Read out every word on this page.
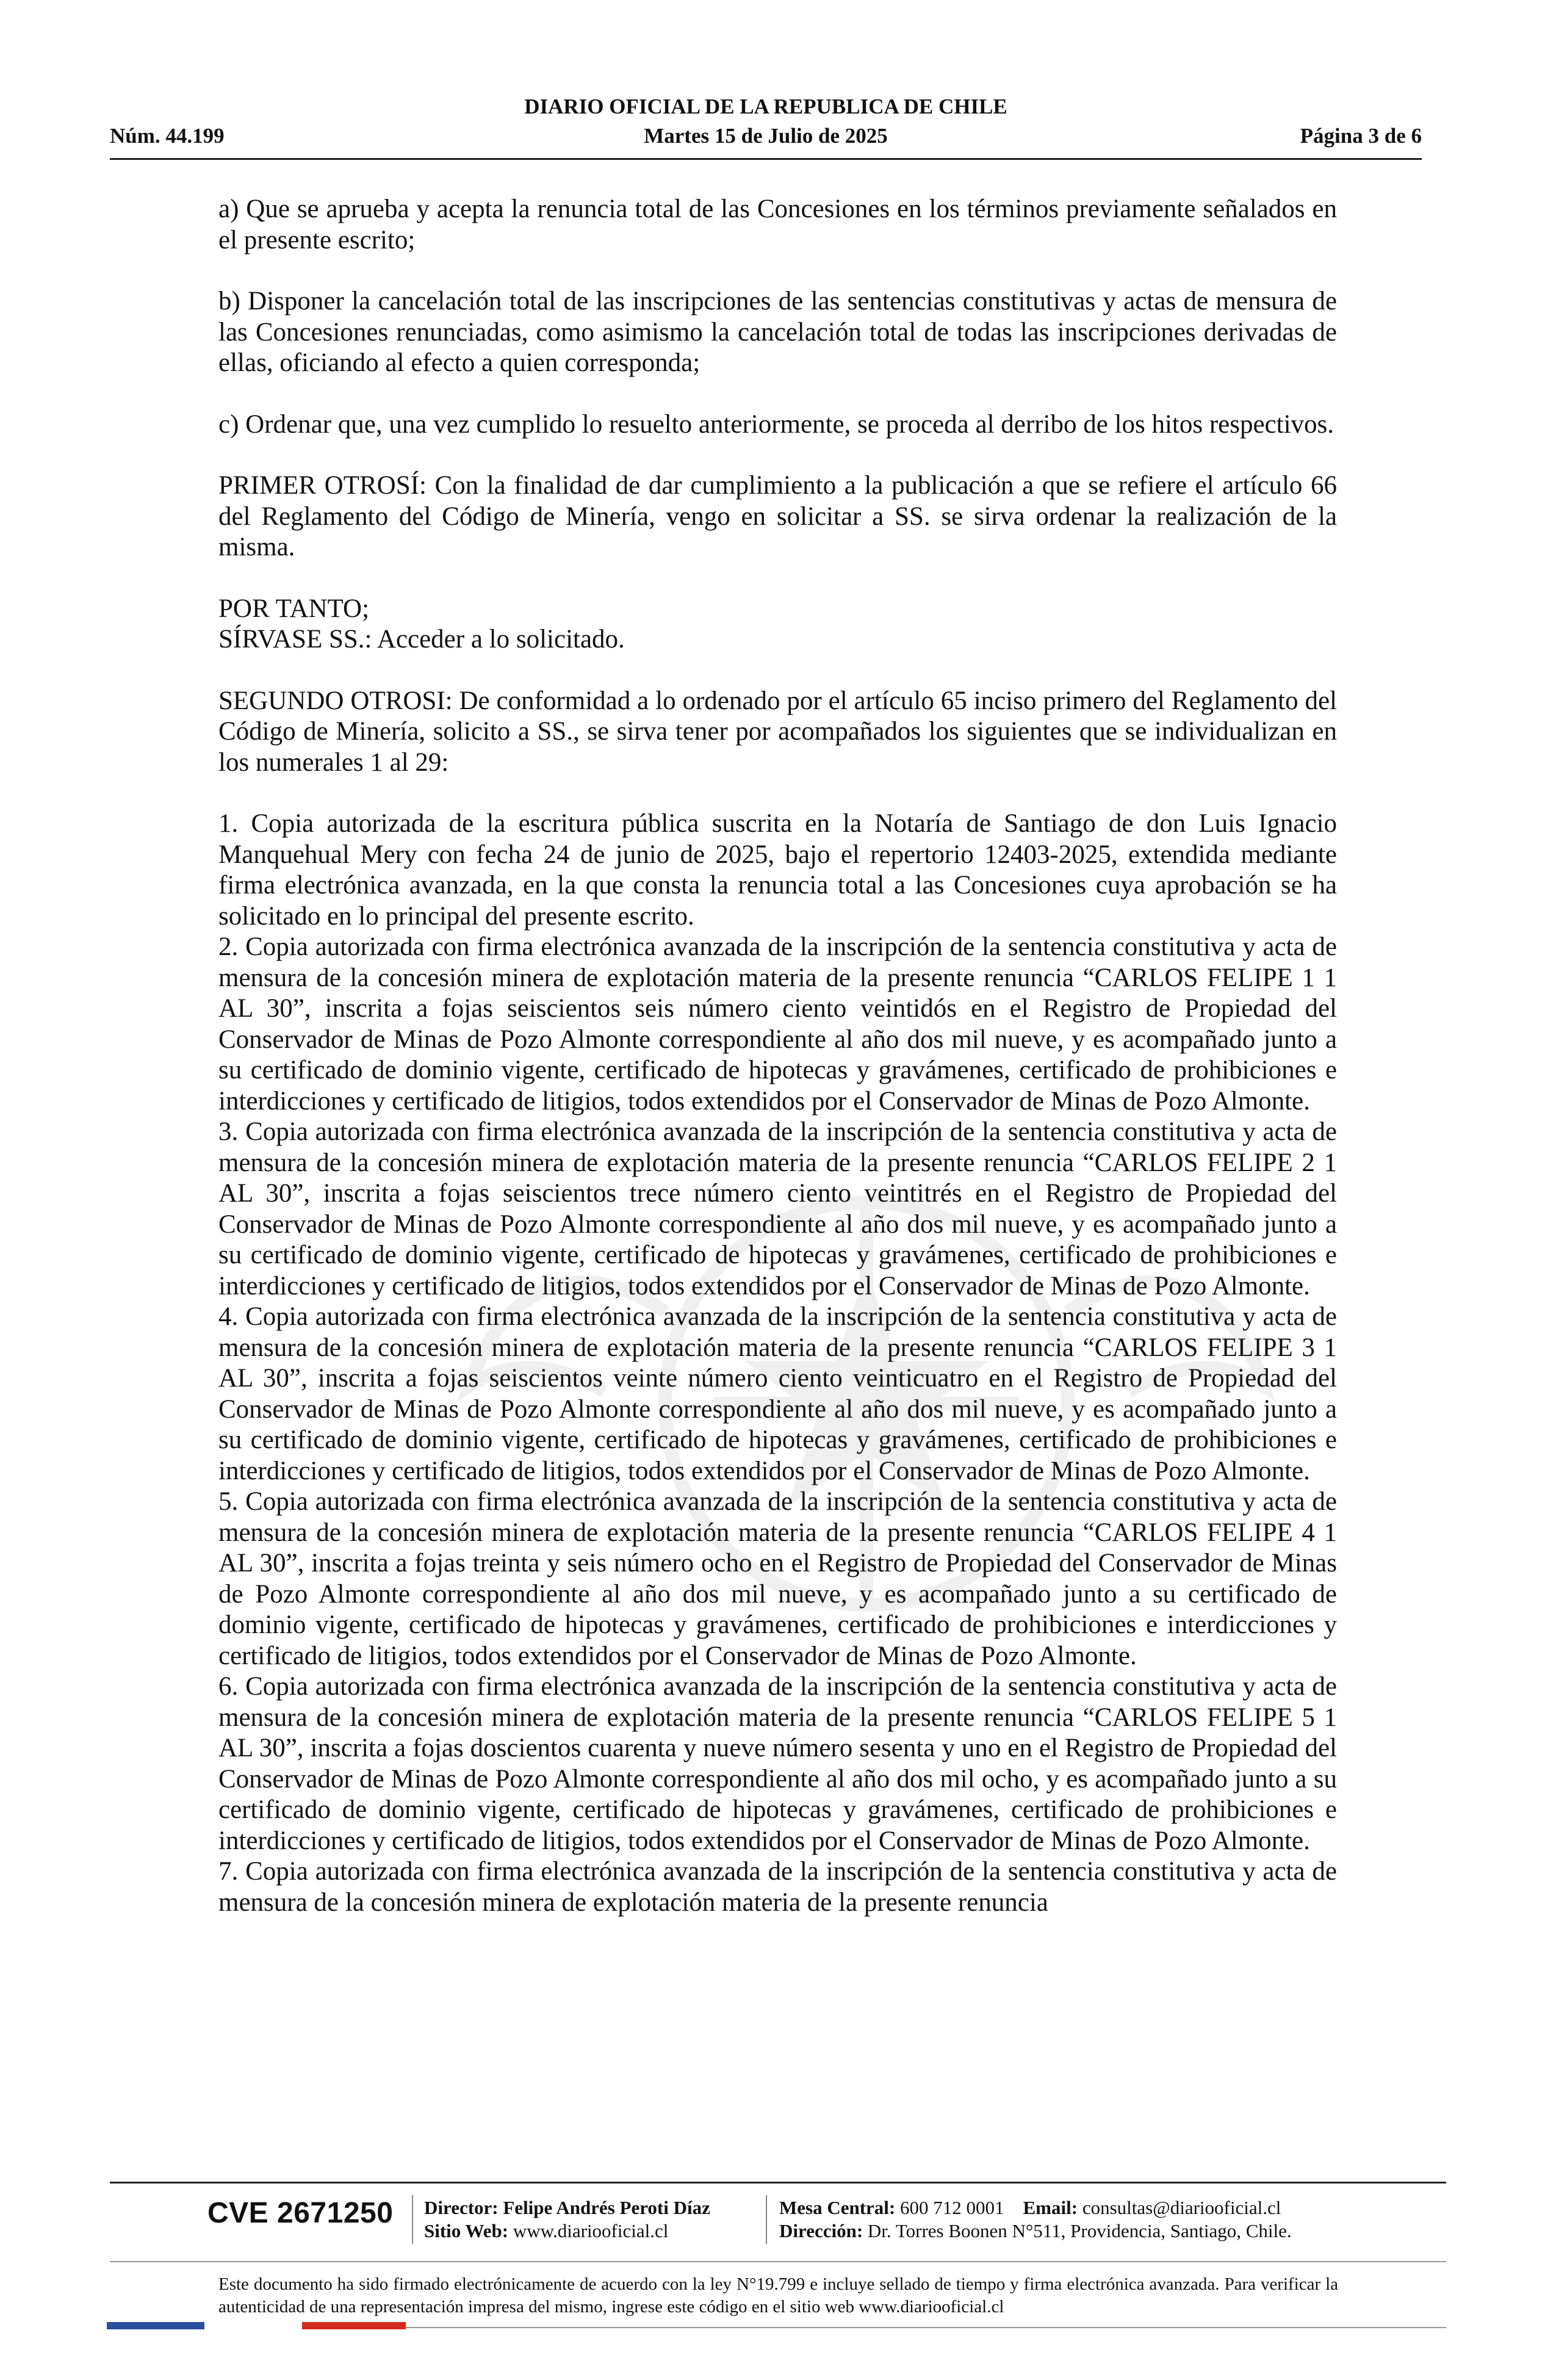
DIARIO OFICIAL DE LA REPUBLICA DE CHILE
Núm. 44.199	Martes 15 de Julio de 2025	Página 3 de 6

a) Que se aprueba y acepta la renuncia total de las Concesiones en los términos previamente señalados en el presente escrito;

b) Disponer la cancelación total de las inscripciones de las sentencias constitutivas y actas de mensura de las Concesiones renunciadas, como asimismo la cancelación total de todas las inscripciones derivadas de ellas, oficiando al efecto a quien corresponda;

c) Ordenar que, una vez cumplido lo resuelto anteriormente, se proceda al derribo de los hitos respectivos.

PRIMER OTROSÍ: Con la finalidad de dar cumplimiento a la publicación a que se refiere el artículo 66 del Reglamento del Código de Minería, vengo en solicitar a SS. se sirva ordenar la realización de la misma.

POR TANTO;

SÍRVASE SS.: Acceder a lo solicitado.

SEGUNDO OTROSI: De conformidad a lo ordenado por el artículo 65 inciso primero del Reglamento del Código de Minería, solicito a SS., se sirva tener por acompañados los siguientes que se individualizan en los numerales 1 al 29:

1. Copia autorizada de la escritura pública suscrita en la Notaría de Santiago de don Luis Ignacio Manquehual Mery con fecha 24 de junio de 2025, bajo el repertorio 12403-2025, extendida mediante firma electrónica avanzada, en la que consta la renuncia total a las Concesiones cuya aprobación se ha solicitado en lo principal del presente escrito.

2. Copia autorizada con firma electrónica avanzada de la inscripción de la sentencia constitutiva y acta de mensura de la concesión minera de explotación materia de la presente renuncia “CARLOS FELIPE 1 1 AL 30”, inscrita a fojas seiscientos seis número ciento veintidós en el Registro de Propiedad del Conservador de Minas de Pozo Almonte correspondiente al año dos mil nueve, y es acompañado junto a su certificado de dominio vigente, certificado de hipotecas y gravámenes, certificado de prohibiciones e interdicciones y certificado de litigios, todos extendidos por el Conservador de Minas de Pozo Almonte.

3. Copia autorizada con firma electrónica avanzada de la inscripción de la sentencia constitutiva y acta de mensura de la concesión minera de explotación materia de la presente renuncia “CARLOS FELIPE 2 1 AL 30”, inscrita a fojas seiscientos trece número ciento veintitrés en el Registro de Propiedad del Conservador de Minas de Pozo Almonte correspondiente al año dos mil nueve, y es acompañado junto a su certificado de dominio vigente, certificado de hipotecas y gravámenes, certificado de prohibiciones e interdicciones y certificado de litigios, todos extendidos por el Conservador de Minas de Pozo Almonte.

4. Copia autorizada con firma electrónica avanzada de la inscripción de la sentencia constitutiva y acta de mensura de la concesión minera de explotación materia de la presente renuncia “CARLOS FELIPE 3 1 AL 30”, inscrita a fojas seiscientos veinte número ciento veinticuatro en el Registro de Propiedad del Conservador de Minas de Pozo Almonte correspondiente al año dos mil nueve, y es acompañado junto a su certificado de dominio vigente, certificado de hipotecas y gravámenes, certificado de prohibiciones e interdicciones y certificado de litigios, todos extendidos por el Conservador de Minas de Pozo Almonte.

5. Copia autorizada con firma electrónica avanzada de la inscripción de la sentencia constitutiva y acta de mensura de la concesión minera de explotación materia de la presente renuncia “CARLOS FELIPE 4 1 AL 30”, inscrita a fojas treinta y seis número ocho en el Registro de Propiedad del Conservador de Minas de Pozo Almonte correspondiente al año dos mil nueve, y es acompañado junto a su certificado de dominio vigente, certificado de hipotecas y gravámenes, certificado de prohibiciones e interdicciones y certificado de litigios, todos extendidos por el Conservador de Minas de Pozo Almonte.

6. Copia autorizada con firma electrónica avanzada de la inscripción de la sentencia constitutiva y acta de mensura de la concesión minera de explotación materia de la presente renuncia “CARLOS FELIPE 5 1 AL 30”, inscrita a fojas doscientos cuarenta y nueve número sesenta y uno en el Registro de Propiedad del Conservador de Minas de Pozo Almonte correspondiente al año dos mil ocho, y es acompañado junto a su certificado de dominio vigente, certificado de hipotecas y gravámenes, certificado de prohibiciones e interdicciones y certificado de litigios, todos extendidos por el Conservador de Minas de Pozo Almonte.

7. Copia autorizada con firma electrónica avanzada de la inscripción de la sentencia constitutiva y acta de mensura de la concesión minera de explotación materia de la presente renuncia

CVE 2671250 Director: Felipe Andrés Peroti Díaz
Sitio Web: www.diariooficial.cl
Mesa Central: 600 712 0001 Email: consultas@diariooficial.cl
Dirección: Dr. Torres Boonen N°511, Providencia, Santiago, Chile.
Este documento ha sido firmado electrónicamente de acuerdo con la ley N°19.799 e incluye sellado de tiempo y firma electrónica avanzada. Para verificar la autenticidad de una representación impresa del mismo, ingrese este código en el sitio web www.diariooficial.cl
